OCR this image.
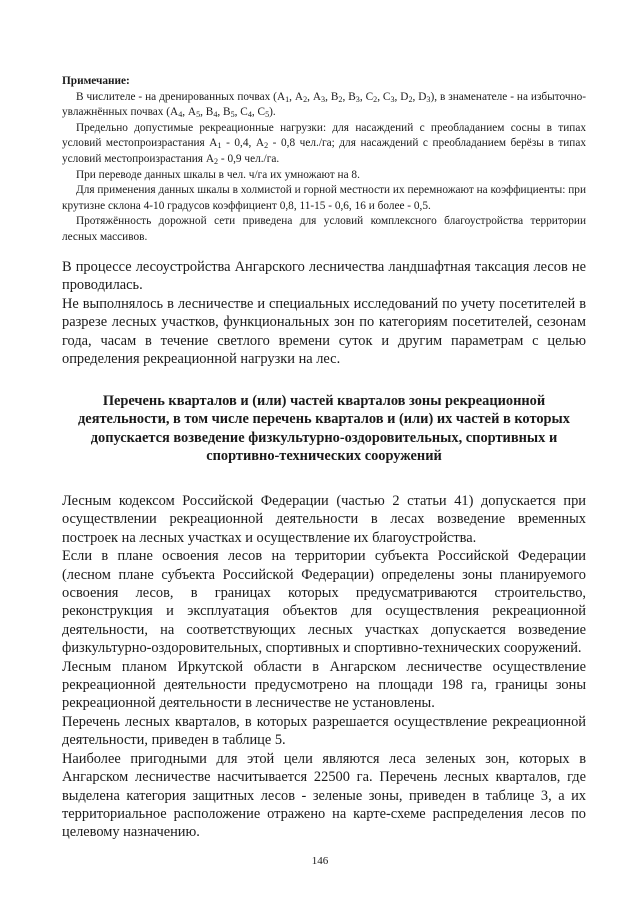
Примечание:

В числителе - на дренированных почвах ($А_1$, $А_2$, $А_3$, $В_2$, $В_3$, $С_2$, $С_3$, $D_2$, $D_3$), в знаменателе - на избыточно-увлажнённых почвах ($А_4$, $А_5$, $В_4$, $В_5$, $С_4$, $С_5$).

Предельно допустимые рекреационные нагрузки: для насаждений с преобладанием сосны в типах условий местопроизрастания $А_1 - 0,4$, $А_2 - 0,8$ чел./га; для насаждений с преобладанием берёзы в типах условий местопроизрастания $А_2 - 0,9$ чел./га.

При переводе данных шкалы в чел. ч/га их умножают на 8.

Для применения данных шкалы в холмистой и горной местности их перемножают на коэффициенты: при крутизне склона 4-10 градусов коэффициент 0,8, 11-15 - 0,6, 16 и более - 0,5.

Протяжённость дорожной сети приведена для условий комплексного благоустройства территории лесных массивов.

В процессе лесоустройства Ангарского лесничества ландшафтная таксация лесов не проводилась.

Не выполнялось в лесничестве и специальных исследований по учету посетителей в разрезе лесных участков, функциональных зон по категориям посетителей, сезонам года, часам в течение светлого времени суток и другим параметрам с целью определения рекреационной нагрузки на лес.

Перечень кварталов и (или) частей кварталов зоны рекреационной
деятельности, в том числе перечень кварталов и (или) их частей в которых
допускается возведение физкультурно-оздоровительных, спортивных и
спортивно-технических сооружений

Лесным кодексом Российской Федерации (частью 2 статьи 41) допускается при осуществлении рекреационной деятельности в лесах возведение временных построек на лесных участках и осуществление их благоустройства.

Если в плане освоения лесов на территории субъекта Российской Федерации (лесном плане субъекта Российской Федерации) определены зоны планируемого освоения лесов, в границах которых предусматриваются строительство, реконструкция и эксплуатация объектов для осуществления рекреационной деятельности, на соответствующих лесных участках допускается возведение физкультурно-оздоровительных, спортивных и спортивно-технических сооружений.

Лесным планом Иркутской области в Ангарском лесничестве осуществление рекреационной деятельности предусмотрено на площади 198 га, границы зоны рекреационной деятельности в лесничестве не установлены.

Перечень лесных кварталов, в которых разрешается осуществление рекреационной деятельности, приведен в таблице 5.

Наиболее пригодными для этой цели являются леса зеленых зон, которых в Ангарском лесничестве насчитывается 22500 га. Перечень лесных кварталов, где выделена категория защитных лесов - зеленые зоны, приведен в таблице 3, а их территориальное расположение отражено на карте-схеме распределения лесов по целевому назначению.

146
